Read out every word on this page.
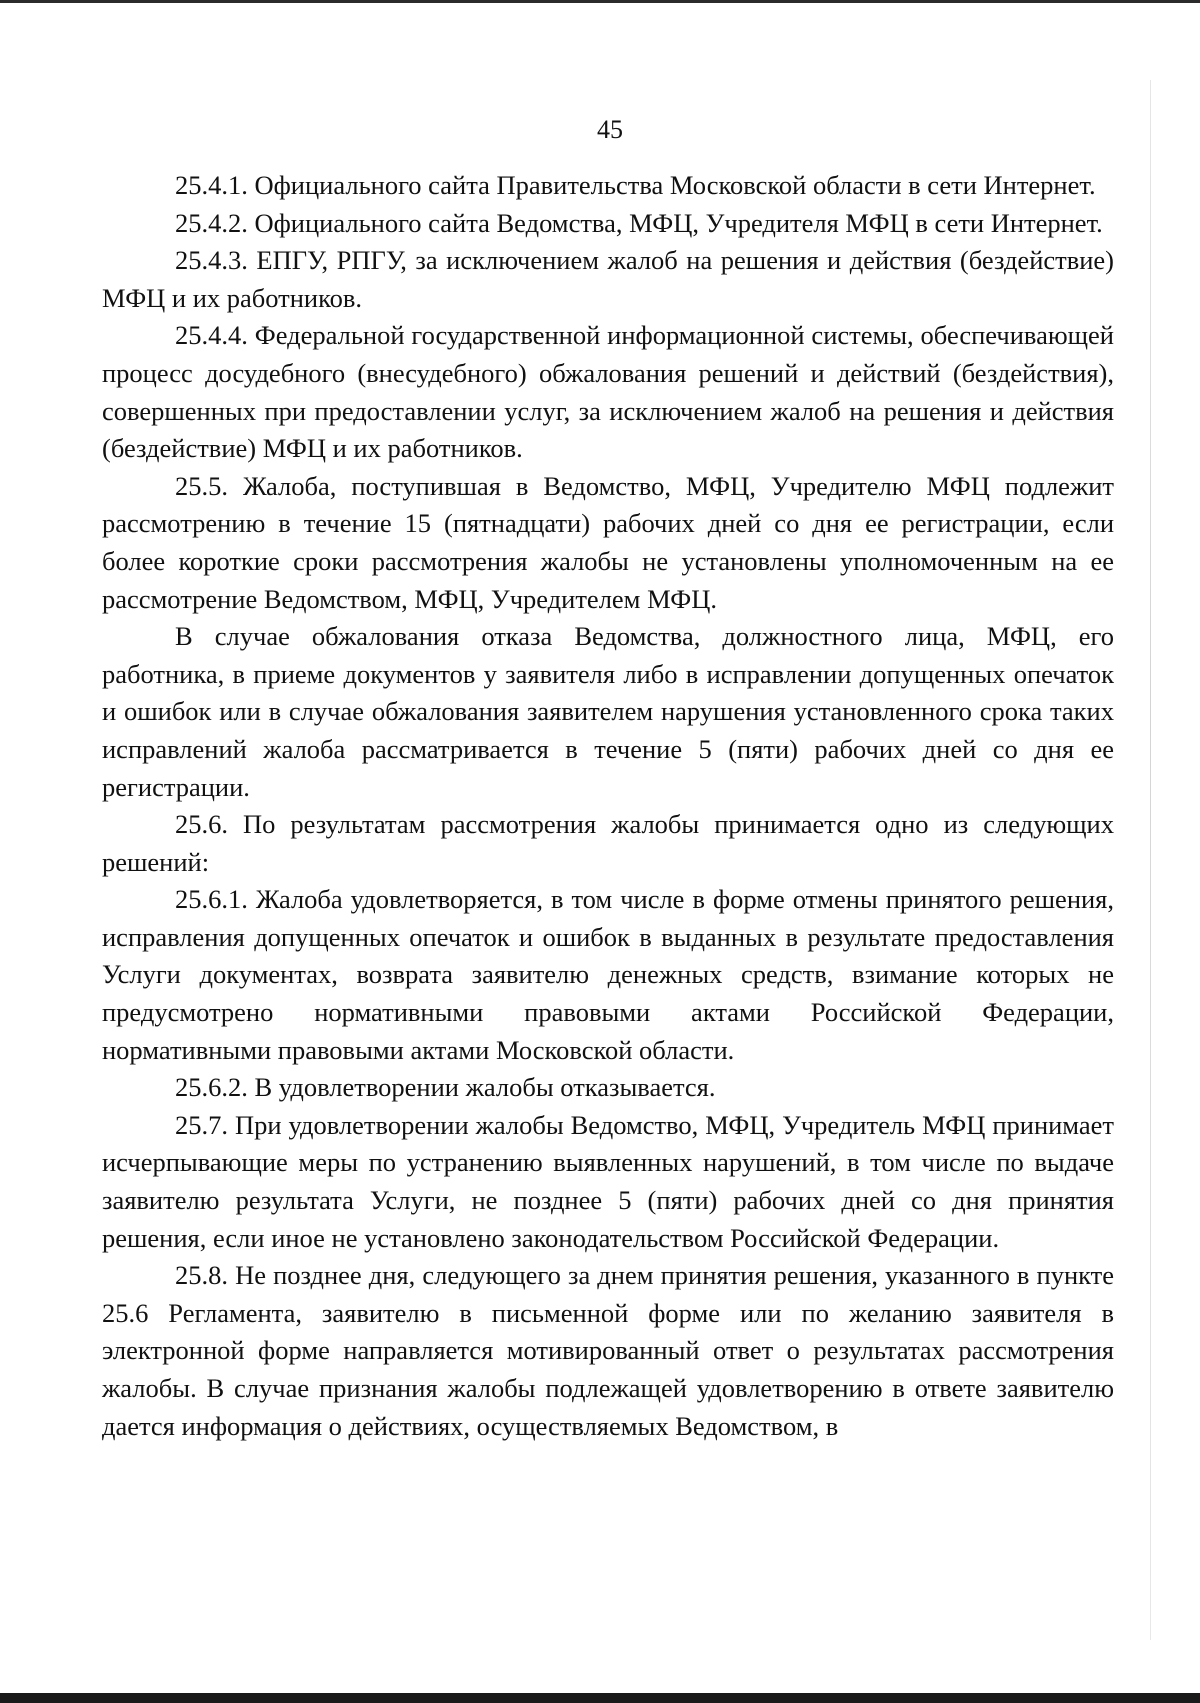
45

25.4.1. Официального сайта Правительства Московской области в сети Интернет.

25.4.2. Официального сайта Ведомства, МФЦ, Учредителя МФЦ в сети Интернет.

25.4.3. ЕПГУ, РПГУ, за исключением жалоб на решения и действия (бездействие) МФЦ и их работников.

25.4.4. Федеральной государственной информационной системы, обеспечивающей процесс досудебного (внесудебного) обжалования решений и действий (бездействия), совершенных при предоставлении услуг, за исключением жалоб на решения и действия (бездействие) МФЦ и их работников.

25.5. Жалоба, поступившая в Ведомство, МФЦ, Учредителю МФЦ подлежит рассмотрению в течение 15 (пятнадцати) рабочих дней со дня ее регистрации, если более короткие сроки рассмотрения жалобы не установлены уполномоченным на ее рассмотрение Ведомством, МФЦ, Учредителем МФЦ.

В случае обжалования отказа Ведомства, должностного лица, МФЦ, его работника, в приеме документов у заявителя либо в исправлении допущенных опечаток и ошибок или в случае обжалования заявителем нарушения установленного срока таких исправлений жалоба рассматривается в течение 5 (пяти) рабочих дней со дня ее регистрации.

25.6. По результатам рассмотрения жалобы принимается одно из следующих решений:

25.6.1. Жалоба удовлетворяется, в том числе в форме отмены принятого решения, исправления допущенных опечаток и ошибок в выданных в результате предоставления Услуги документах, возврата заявителю денежных средств, взимание которых не предусмотрено нормативными правовыми актами Российской Федерации, нормативными правовыми актами Московской области.

25.6.2. В удовлетворении жалобы отказывается.

25.7. При удовлетворении жалобы Ведомство, МФЦ, Учредитель МФЦ принимает исчерпывающие меры по устранению выявленных нарушений, в том числе по выдаче заявителю результата Услуги, не позднее 5 (пяти) рабочих дней со дня принятия решения, если иное не установлено законодательством Российской Федерации.

25.8. Не позднее дня, следующего за днем принятия решения, указанного в пункте 25.6 Регламента, заявителю в письменной форме или по желанию заявителя в электронной форме направляется мотивированный ответ о результатах рассмотрения жалобы. В случае признания жалобы подлежащей удовлетворению в ответе заявителю дается информация о действиях, осуществляемых Ведомством, в
